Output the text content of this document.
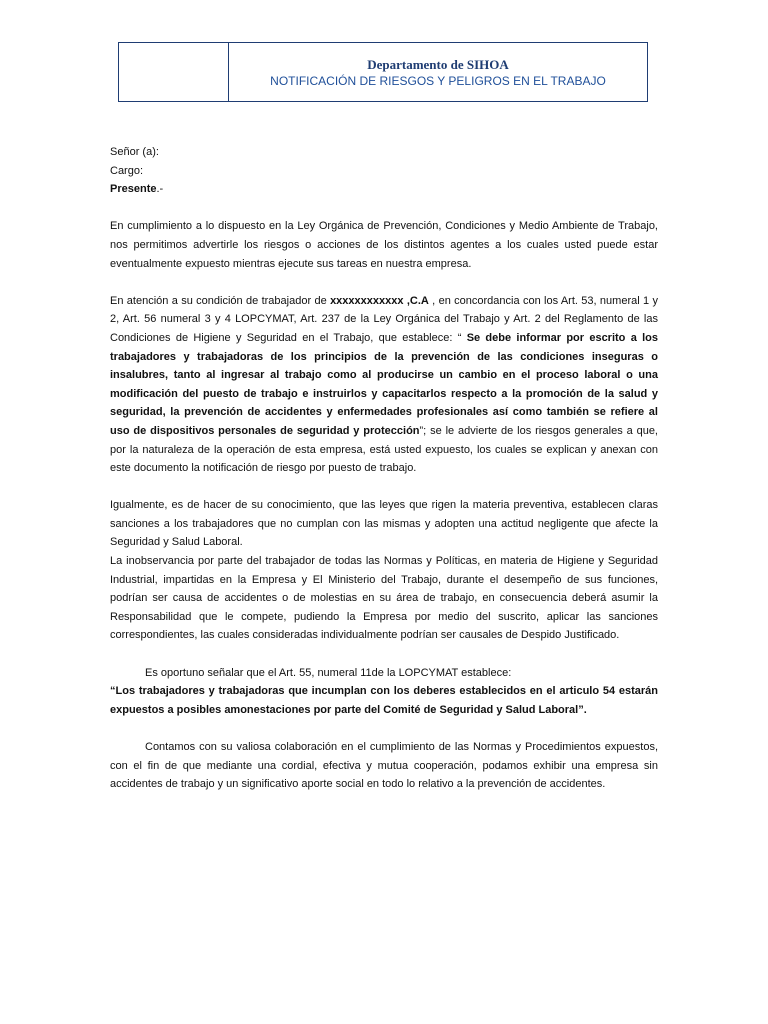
Departamento de SIHOA
NOTIFICACIÓN DE RIESGOS Y PELIGROS EN EL TRABAJO

Señor (a):

Cargo:

Presente.-

En cumplimiento a lo dispuesto en la Ley Orgánica de Prevención, Condiciones y Medio Ambiente de Trabajo, nos permitimos advertirle los riesgos o acciones de los distintos agentes a los cuales usted puede estar eventualmente expuesto mientras ejecute sus tareas en nuestra empresa.

En atención a su condición de trabajador de xxxxxxxxxxxx ,C.A , en concordancia con los Art. 53, numeral 1 y 2, Art. 56 numeral 3 y 4 LOPCYMAT, Art. 237 de la Ley Orgánica del Trabajo y Art. 2 del Reglamento de las Condiciones de Higiene y Seguridad en el Trabajo, que establece: “ Se debe informar por escrito a los trabajadores y trabajadoras de los principios de la prevención de las condiciones inseguras o insalubres, tanto al ingresar al trabajo como al producirse un cambio en el proceso laboral o una modificación del puesto de trabajo e instruirlos y capacitarlos respecto a la promoción de la salud y seguridad, la prevención de accidentes y enfermedades profesionales así como también se refiere al uso de dispositivos personales de seguridad y protección”; se le advierte de los riesgos generales a que, por la naturaleza de la operación de esta empresa, está usted expuesto, los cuales se explican y anexan con este documento la notificación de riesgo por puesto de trabajo.

Igualmente, es de hacer de su conocimiento, que las leyes que rigen la materia preventiva, establecen claras sanciones a los trabajadores que no cumplan con las mismas y adopten una actitud negligente que afecte la Seguridad y Salud Laboral.

La inobservancia por parte del trabajador de todas las Normas y Políticas, en materia de Higiene y Seguridad Industrial, impartidas en la Empresa y El Ministerio del Trabajo, durante el desempeño de sus funciones, podrían ser causa de accidentes o de molestias en su área de trabajo, en consecuencia deberá asumir la Responsabilidad que le compete, pudiendo la Empresa por medio del suscrito, aplicar las sanciones correspondientes, las cuales consideradas individualmente podrían ser causales de Despido Justificado.

Es oportuno señalar que el Art. 55, numeral 11de la LOPCYMAT establece:

“Los trabajadores y trabajadoras que incumplan con los deberes establecidos en el articulo 54 estarán expuestos a posibles amonestaciones por parte del Comité de Seguridad y Salud Laboral”.

Contamos con su valiosa colaboración en el cumplimiento de las Normas y Procedimientos expuestos, con el fin de que mediante una cordial, efectiva y mutua cooperación, podamos exhibir una empresa sin accidentes de trabajo y un significativo aporte social en todo lo relativo a la prevención de accidentes.
